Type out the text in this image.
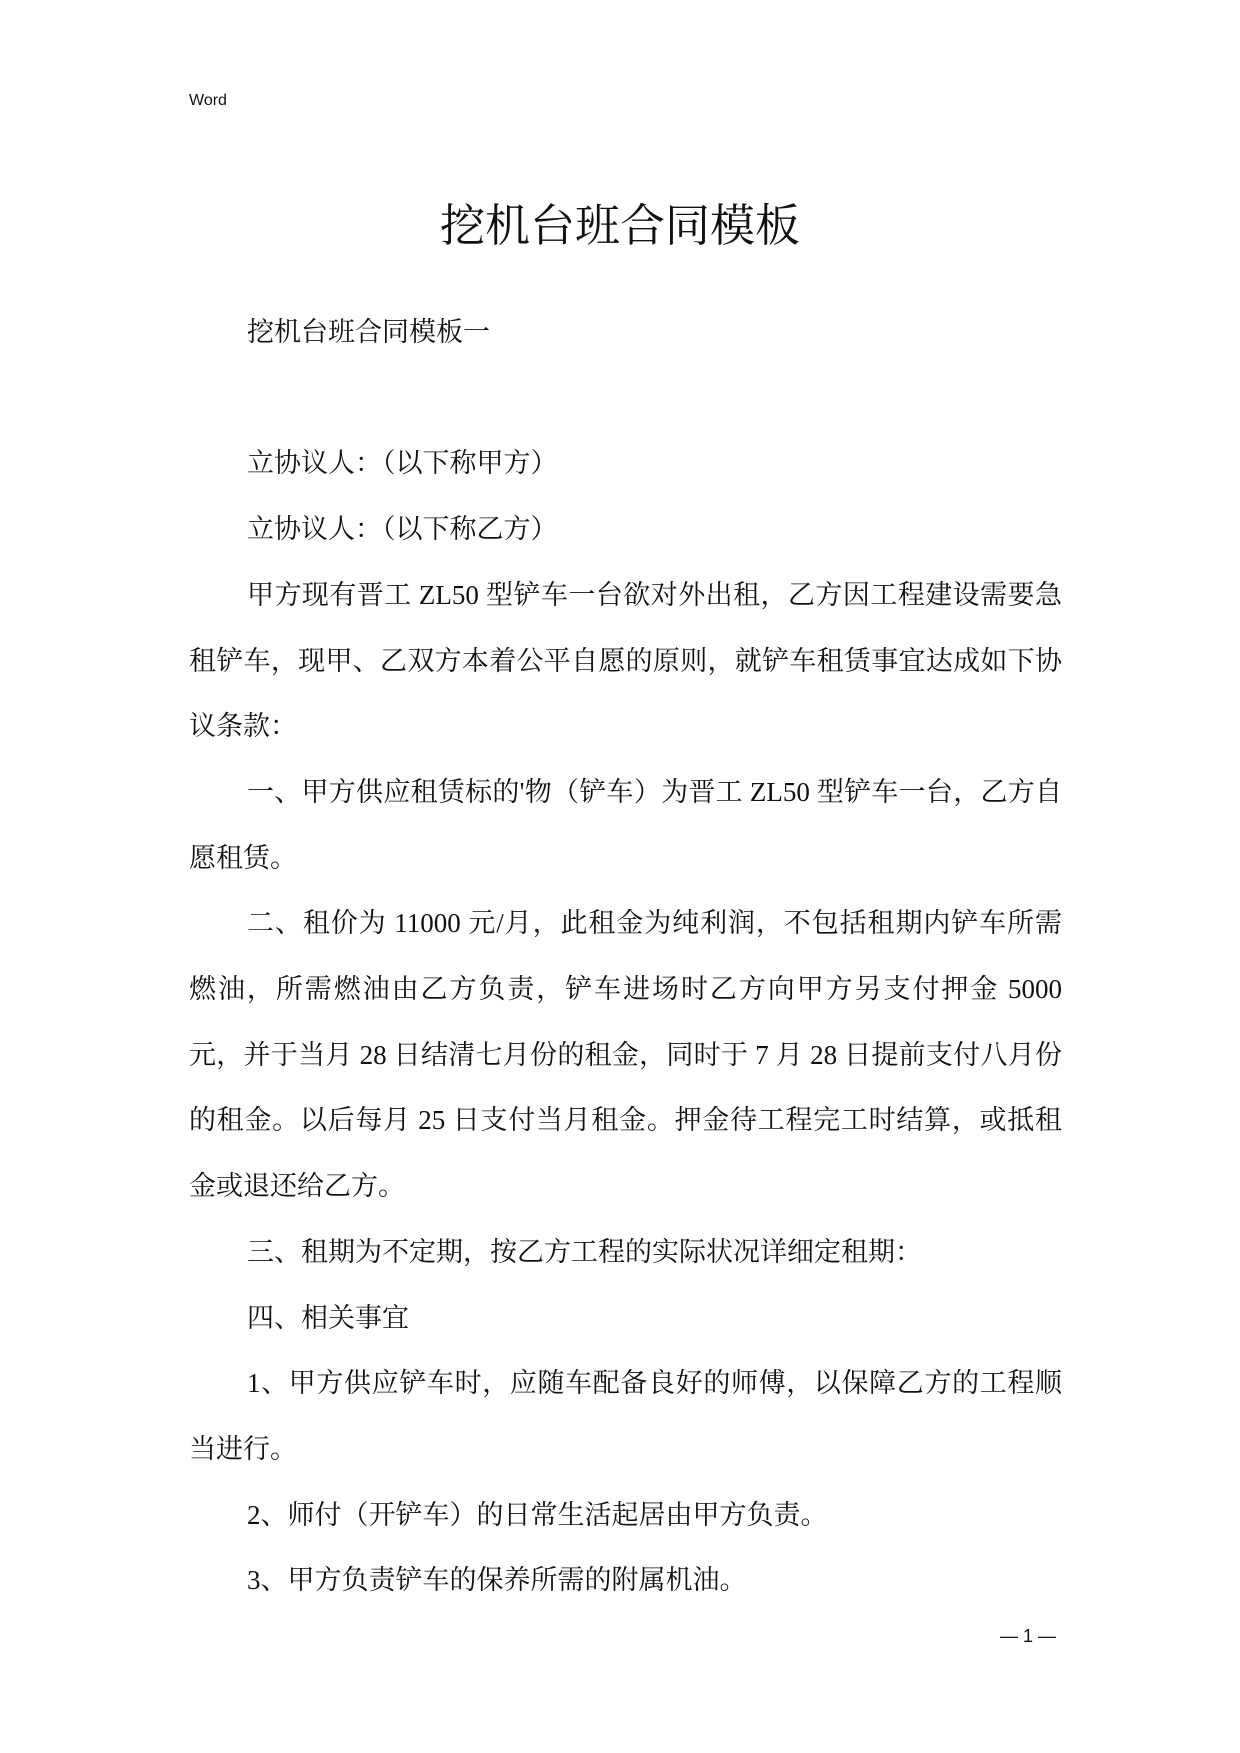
Word
挖机台班合同模板

挖机台班合同模板一

立协议人：（以下称甲方）

立协议人：（以下称乙方）

甲方现有晋工 ZL50 型铲车一台欲对外出租，乙方因工程建设需要急租铲车，现甲、乙双方本着公平自愿的原则，就铲车租赁事宜达成如下协议条款：

一、甲方供应租赁标的'物（铲车）为晋工 ZL50 型铲车一台，乙方自愿租赁。

二、租价为 11000 元/月，此租金为纯利润，不包括租期内铲车所需燃油，所需燃油由乙方负责，铲车进场时乙方向甲方另支付押金 5000 元，并于当月 28 日结清七月份的租金，同时于 7 月 28 日提前支付八月份的租金。以后每月 25 日支付当月租金。押金待工程完工时结算，或抵租金或退还给乙方。

三、租期为不定期，按乙方工程的实际状况详细定租期：

四、相关事宜

1、甲方供应铲车时，应随车配备良好的师傅，以保障乙方的工程顺当进行。

2、师付（开铲车）的日常生活起居由甲方负责。

3、甲方负责铲车的保养所需的附属机油。

— 1 —
